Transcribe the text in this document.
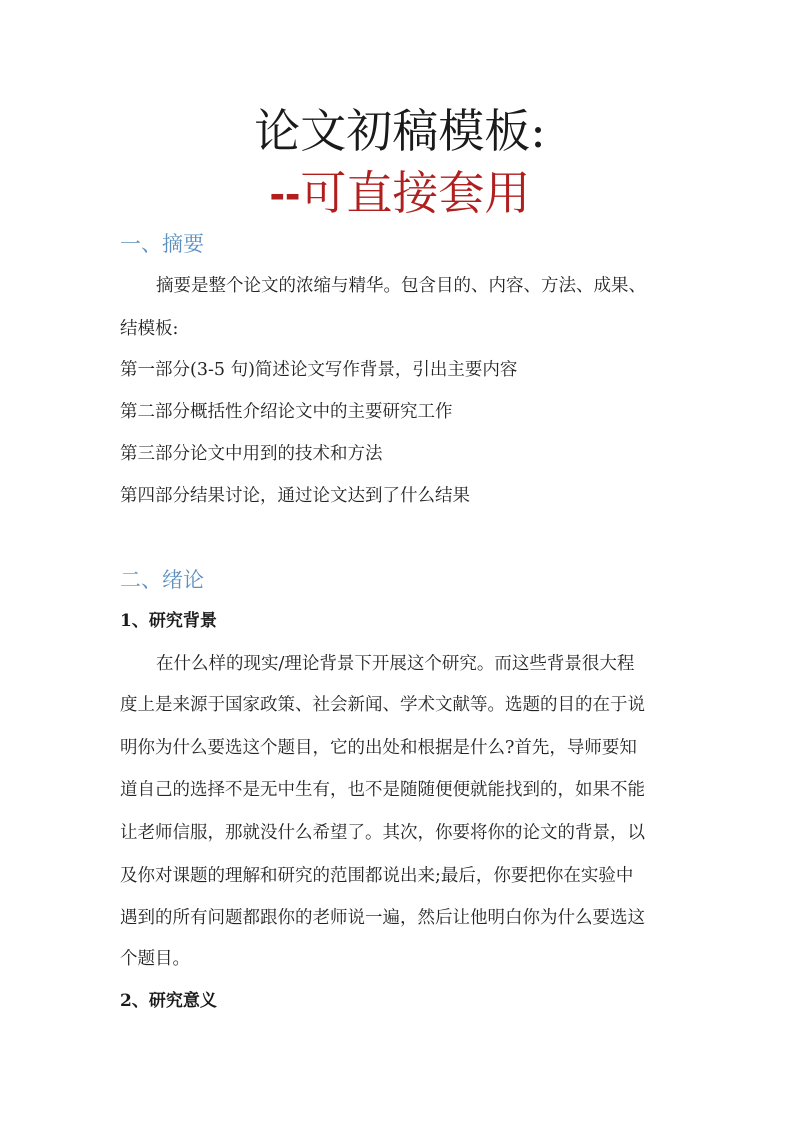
论文初稿模板:
--可直接套用
一、摘要

摘要是整个论文的浓缩与精华。包含目的、内容、方法、成果、

结模板:

第一部分(3-5 句)简述论文写作背景，引出主要内容

第二部分概括性介绍论文中的主要研究工作

第三部分论文中用到的技术和方法

第四部分结果讨论，通过论文达到了什么结果

二、绪论
1、研究背景

在什么样的现实/理论背景下开展这个研究。而这些背景很大程

度上是来源于国家政策、社会新闻、学术文献等。选题的目的在于说

明你为什么要选这个题目，它的出处和根据是什么?首先，导师要知

道自己的选择不是无中生有，也不是随随便便就能找到的，如果不能

让老师信服，那就没什么希望了。其次，你要将你的论文的背景，以

及你对课题的理解和研究的范围都说出来;最后，你要把你在实验中

遇到的所有问题都跟你的老师说一遍，然后让他明白你为什么要选这

个题目。

2、研究意义
